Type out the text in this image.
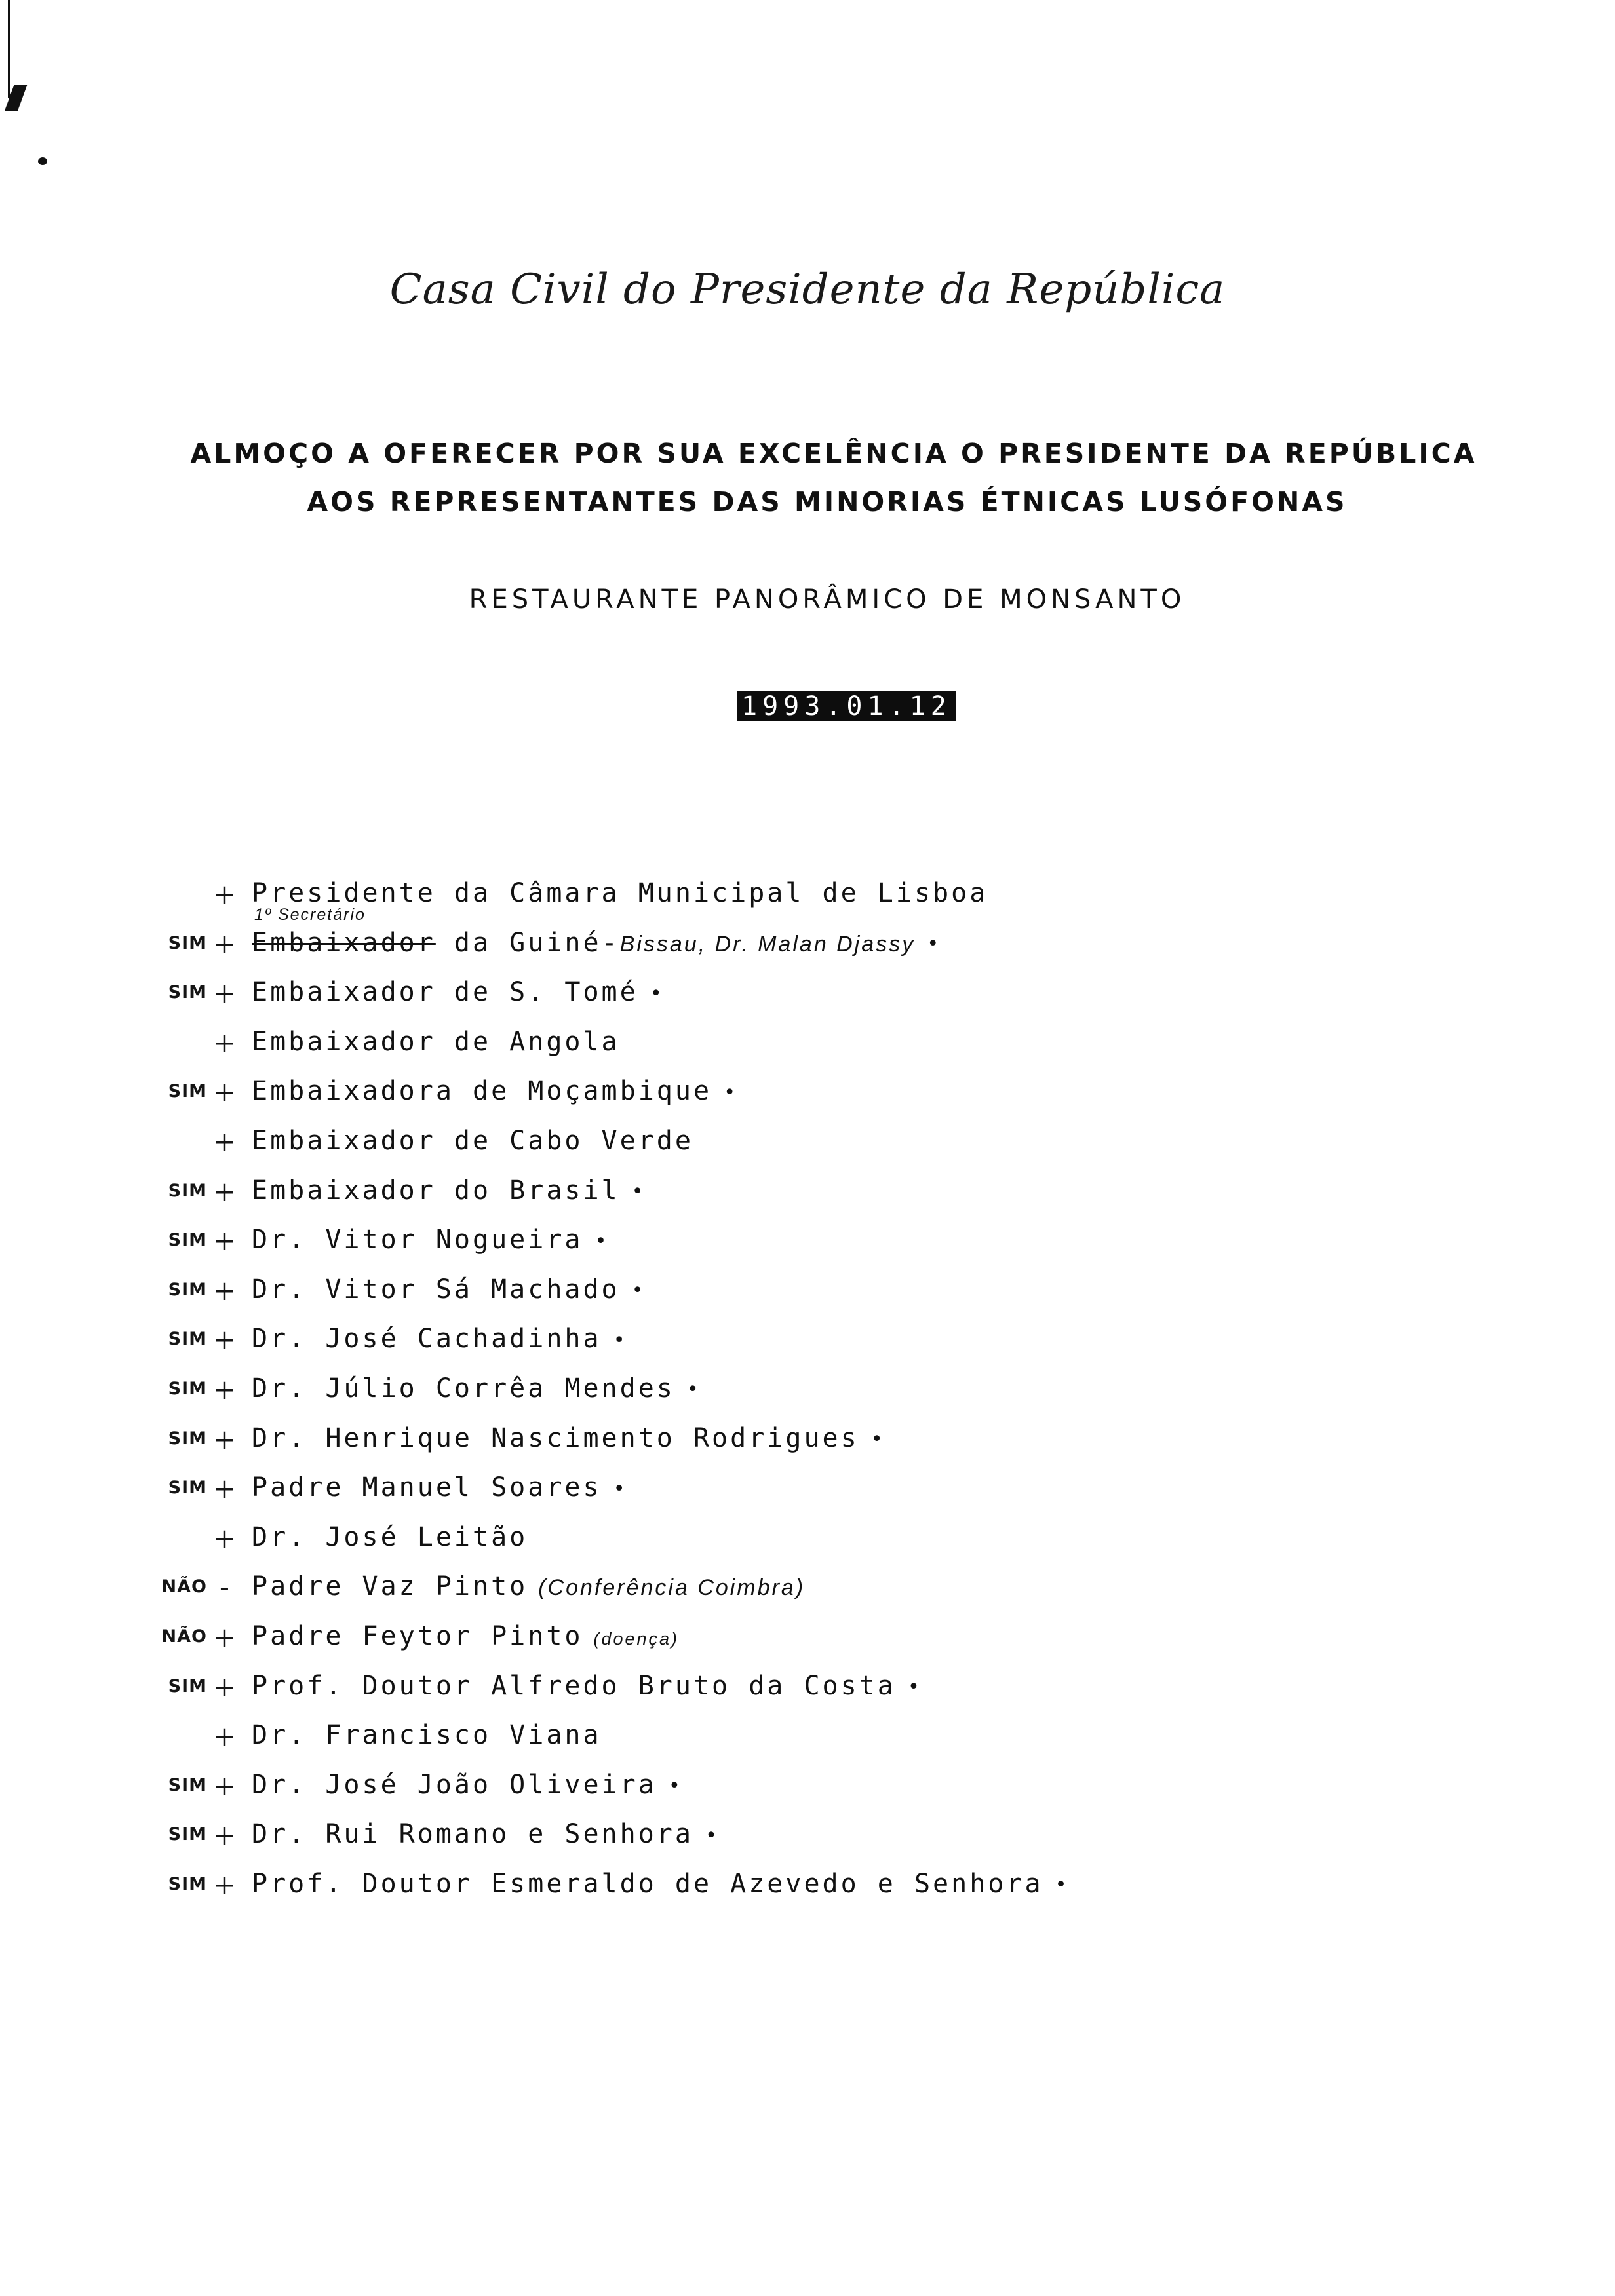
Casa Civil do Presidente da República
ALMOÇO A OFERECER POR SUA EXCELÊNCIA O PRESIDENTE DA REPÚBLICA
AOS REPRESENTANTES DAS MINORIAS ÉTNICAS LUSÓFONAS
RESTAURANTE PANORÂMICO DE MONSANTO
1993.01.12
+ Presidente da Câmara Municipal de Lisboa
SIM +
1º Secretário
Embaixador da Guiné-Bissau, Dr. Malan Djassy •
SIM + Embaixador de S. Tomé •
+ Embaixador de Angola
SIM + Embaixadora de Moçambique •
+ Embaixador de Cabo Verde
SIM + Embaixador do Brasil •
SIM + Dr. Vitor Nogueira •
SIM + Dr. Vitor Sá Machado •
SIM + Dr. José Cachadinha •
SIM + Dr. Júlio Corrêa Mendes •
SIM + Dr. Henrique Nascimento Rodrigues •
SIM + Padre Manuel Soares •
+ Dr. José Leitão
NÃO - Padre Vaz Pinto (Conferência Coimbra)
NÃO + Padre Feytor Pinto (doença)
SIM + Prof. Doutor Alfredo Bruto da Costa •
+ Dr. Francisco Viana
SIM + Dr. José João Oliveira •
SIM + Dr. Rui Romano e Senhora •
SIM + Prof. Doutor Esmeraldo de Azevedo e Senhora •
